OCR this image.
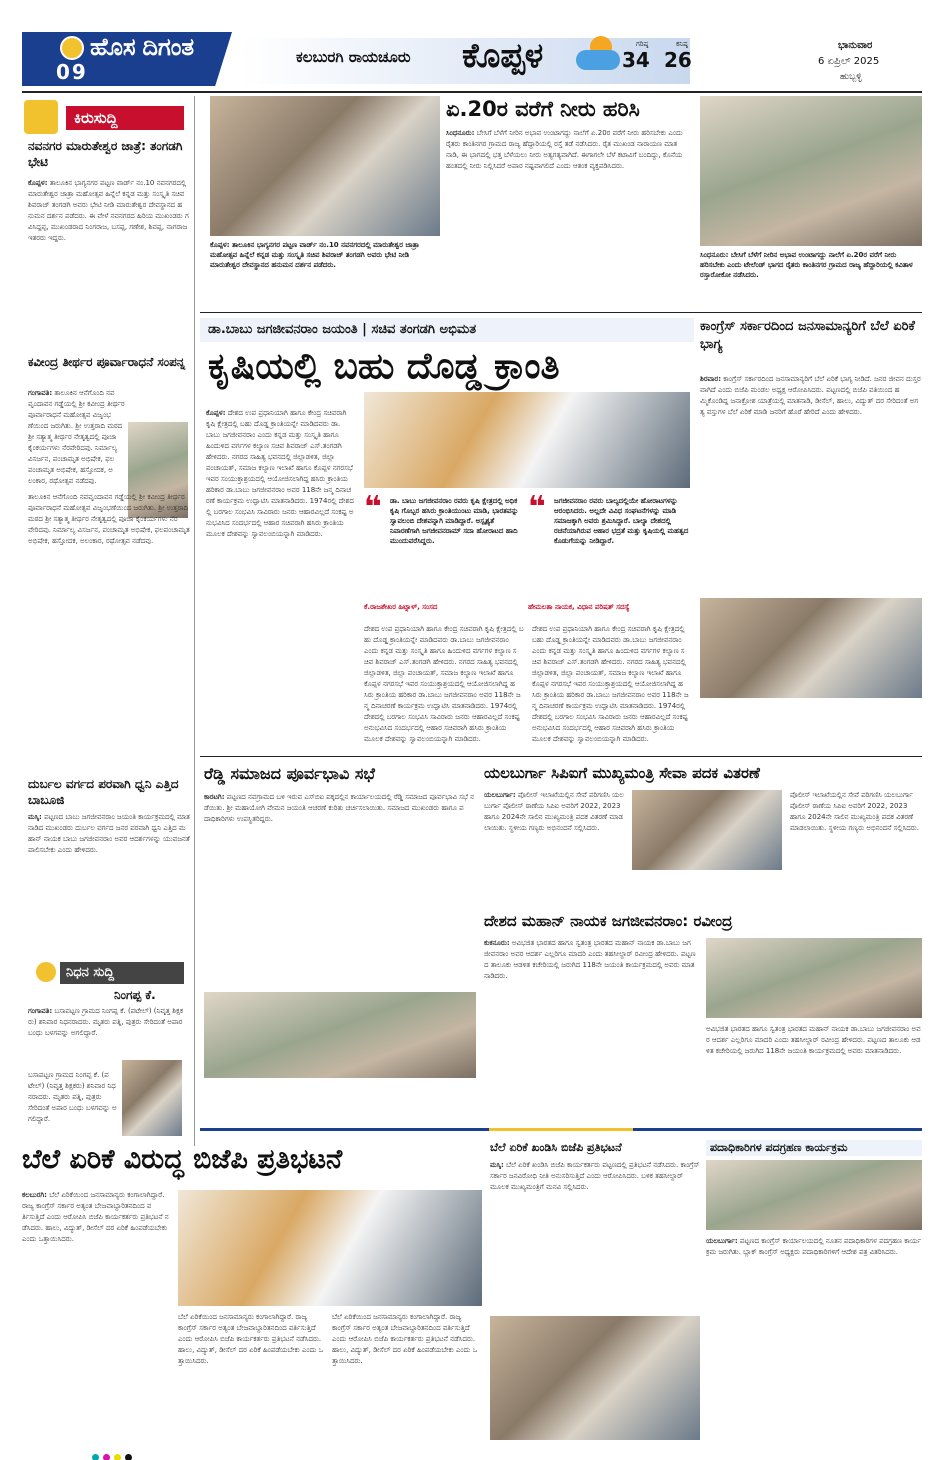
ಹೊಸ ದಿಗಂತ
09
ಕಲಬುರಗಿ ರಾಯಚೂರು ಕೊಪ್ಪಳ	ಗರಿಷ್ಠ
34
ಕನಿಷ್ಠ
26
ಭಾನುವಾರ
6 ಏಪ್ರಿಲ್ 2025
ಹುಬ್ಬಳ್ಳಿ
ಕಿರುಸುದ್ದಿ
ನವನಗರ ಮಾರುತೇಶ್ವರ ಜಾತ್ರೆ: ತಂಗಡಗಿ ಭೇಟಿ
ಕೊಪ್ಪಳ: ತಾಲೂಕಿನ ಭಾಗ್ಯನಗರ ಪಟ್ಟಣ ವಾರ್ಡ್ ನಂ.10 ನವನಗರದಲ್ಲಿ ಮಾರುತೇಶ್ವರ ಜಾತ್ರಾ ಮಹೋತ್ಸವ ಹಿನ್ನೆಲೆ ಕನ್ನಡ ಮತ್ತು ಸಂಸ್ಕೃತಿ ಸಚಿವ ಶಿವರಾಜ್ ತಂಗಡಗಿ ಅವರು ಭೇಟಿ ನೀಡಿ ಮಾರುತೇಶ್ವರ ದೇವಸ್ಥಾನದ ಹನುಮನ ದರ್ಶನ ಪಡೆದರು. ಈ ವೇಳೆ ನವನಗರದ ಹಿರಿಯ ಮುಖಂಡರು ಗವಿಸಿದ್ದಪ್ಪ, ಮುಖಂಡರಾದ ನಿಂಗರಾಜ, ಬಸಪ್ಪ, ಗಣೇಶ, ಶಿವಪ್ಪ, ನಾಗರಾಜ ಇತರರು ಇದ್ದರು.
ಕವೀಂದ್ರ ತೀರ್ಥರ ಪೂರ್ವಾರಾಧನೆ ಸಂಪನ್ನ
ಗಂಗಾವತಿ: ತಾಲೂಕಿನ ಆನೆಗೊಂದಿ ನವವೃಂದಾವನ ಗಡ್ಡೆಯಲ್ಲಿ ಶ್ರೀ ಕವೀಂದ್ರ ತೀರ್ಥರ ಪೂರ್ವಾರಾಧನೆ ಮಹೋತ್ಸವ ವಿಜೃಂಭಣೆಯಿಂದ ಜರುಗಿತು. ಶ್ರೀ ಉತ್ತರಾದಿ ಮಠದ ಶ್ರೀ ಸತ್ಯಾತ್ಮ ತೀರ್ಥರ ನೇತೃತ್ವದಲ್ಲಿ ಪೂಜಾ ಕೈಂಕರ್ಯಗಳು ನೆರವೇರಿದವು. ನಿರ್ಮಾಲ್ಯ ವಿಸರ್ಜನ, ಪಂಚಾಮೃತ ಅಭಿಷೇಕ, ಫಲಪಂಚಾಮೃತ ಅಭಿಷೇಕ, ಹಸ್ತೋದಕ, ಅಲಂಕಾರ, ರಥೋತ್ಸವ ನಡೆದವು.
ತಾಲೂಕಿನ ಆನೆಗೊಂದಿ ನವವೃಂದಾವನ ಗಡ್ಡೆಯಲ್ಲಿ ಶ್ರೀ ಕವೀಂದ್ರ ತೀರ್ಥರ ಪೂರ್ವಾರಾಧನೆ ಮಹೋತ್ಸವ ವಿಜೃಂಭಣೆಯಿಂದ ಜರುಗಿತು. ಶ್ರೀ ಉತ್ತರಾದಿ ಮಠದ ಶ್ರೀ ಸತ್ಯಾತ್ಮ ತೀರ್ಥರ ನೇತೃತ್ವದಲ್ಲಿ ಪೂಜಾ ಕೈಂಕರ್ಯಗಳು ನೆರವೇರಿದವು. ನಿರ್ಮಾಲ್ಯ ವಿಸರ್ಜನ, ಪಂಚಾಮೃತ ಅಭಿಷೇಕ, ಫಲಪಂಚಾಮೃತ ಅಭಿಷೇಕ, ಹಸ್ತೋದಕ, ಅಲಂಕಾರ, ರಥೋತ್ಸವ ನಡೆದವು.
ದುರ್ಬಲ ವರ್ಗದ ಪರವಾಗಿ ಧ್ವನಿ ಎತ್ತಿದ ಬಾಬೂಜಿ
ಮಸ್ಕಿ: ಪಟ್ಟಣದ ಬಾಬು ಜಗಜೀವನರಾಂ ಜಯಂತಿ ಕಾರ್ಯಕ್ರಮದಲ್ಲಿ ಮಾತನಾಡಿದ ಮುಖಂಡರು ದುರ್ಬಲ ವರ್ಗದ ಜನರ ಪರವಾಗಿ ಧ್ವನಿ ಎತ್ತಿದ ಮಹಾನ್ ನಾಯಕ ಬಾಬು ಜಗಜೀವನರಾಂ ಅವರ ಆದರ್ಶಗಳನ್ನು ಯುವಜನತೆ ಪಾಲಿಸಬೇಕು ಎಂದು ಹೇಳಿದರು.
ನಿಧನ ಸುದ್ದಿ
ನಿಂಗಪ್ಪ ಕೆ.
ಗಂಗಾವತಿ: ಬಸಾಪಟ್ಟಣ ಗ್ರಾಮದ ನಿಂಗಪ್ಪ ಕೆ. (ಪಟೇಲ್) (ನಿವೃತ್ತ ಶಿಕ್ಷಕರು) ಶನಿವಾರ ನಿಧನರಾದರು. ಮೃತರು ಪತ್ನಿ, ಪುತ್ರರು ಸೇರಿದಂತೆ ಅಪಾರ ಬಂಧು ಬಳಗವನ್ನು ಅಗಲಿದ್ದಾರೆ.
ಬಸಾಪಟ್ಟಣ ಗ್ರಾಮದ ನಿಂಗಪ್ಪ ಕೆ. (ಪಟೇಲ್) (ನಿವೃತ್ತ ಶಿಕ್ಷಕರು) ಶನಿವಾರ ನಿಧನರಾದರು. ಮೃತರು ಪತ್ನಿ, ಪುತ್ರರು ಸೇರಿದಂತೆ ಅಪಾರ ಬಂಧು ಬಳಗವನ್ನು ಅಗಲಿದ್ದಾರೆ.
ಕೊಪ್ಪಳ: ತಾಲೂಕಿನ ಭಾಗ್ಯನಗರ ಪಟ್ಟಣ ವಾರ್ಡ್ ನಂ.10 ನವನಗರದಲ್ಲಿ ಮಾರುತೇಶ್ವರ ಜಾತ್ರಾ ಮಹೋತ್ಸವ ಹಿನ್ನೆಲೆ ಕನ್ನಡ ಮತ್ತು ಸಂಸ್ಕೃತಿ ಸಚಿವ ಶಿವರಾಜ್ ತಂಗಡಗಿ ಅವರು ಭೇಟಿ ನೀಡಿ ಮಾರುತೇಶ್ವರ ದೇವಸ್ಥಾನದ ಹನುಮನ ದರ್ಶನ ಪಡೆದರು.
ಏ.20ರ ವರೆಗೆ ನೀರು ಹರಿಸಿ
ಸಿಂಧನೂರು: ಬೇಸಿಗೆ ಬೆಳೆಗೆ ನೀರಿನ ಅಭಾವ ಉಂಟಾಗದ್ದು ನಾಲೆಗೆ ಏ.20ರ ವರೆಗೆ ನೀರು ಹರಿಸಬೇಕು ಎಂದು ರೈತರು ಕಾಂತಿನಗರ ಗ್ರಾಮದ ರಾಜ್ಯ ಹೆದ್ದಾರಿಯಲ್ಲಿ ರಸ್ತೆ ತಡೆ ನಡೆಸಿದರು. ರೈತ ಮುಖಂಡ ನಾರಾಯಣ ಮಾತನಾಡಿ, ಈ ಭಾಗದಲ್ಲಿ ಭತ್ತ ಬೆಳೆಯಲು ನೀರು ಅತ್ಯಗತ್ಯವಾಗಿದೆ. ಈಗಾಗಲೇ ಬೆಳೆ ಕಟಾವಿಗೆ ಬಂದಿದ್ದು, ಕೊನೆಯ ಹಂತದಲ್ಲಿ ನೀರು ನಿಲ್ಲಿಸಿದರೆ ಅಪಾರ ನಷ್ಟವಾಗಲಿದೆ ಎಂದು ಆತಂಕ ವ್ಯಕ್ತಪಡಿಸಿದರು.
ಸಿಂಧನೂರು: ಬೇಸಿಗೆ ಬೆಳೆಗೆ ನೀರಿನ ಅಭಾವ ಉಂಟಾಗದ್ದು ನಾಲೆಗೆ ಏ.20ರ ವರೆಗೆ ನೀರು ಹರಿಸಬೇಕು ಎಂದು ಟೇಲೆಂಡ್ ಭಾಗದ ರೈತರು ಕಾಂತಿನಗರ ಗ್ರಾಮದ ರಾಜ್ಯ ಹೆದ್ದಾರಿಯಲ್ಲಿ ಕವಿತಾಳ ರಸ್ತಾರೋಕೋ ನಡೆಸಿದರು.
ಡಾ.ಬಾಬು ಜಗಜೀವನರಾಂ ಜಯಂತಿ | ಸಚಿವ ತಂಗಡಗಿ ಅಭಿಮತ
ಕೃಷಿಯಲ್ಲಿ ಬಹು ದೊಡ್ಡ ಕ್ರಾಂತಿ
ಕೊಪ್ಪಳ: ದೇಶದ ಉಪ ಪ್ರಧಾನಿಯಾಗಿ ಹಾಗೂ ಕೇಂದ್ರ ಸಚಿವರಾಗಿ ಕೃಷಿ ಕ್ಷೇತ್ರದಲ್ಲಿ ಬಹು ದೊಡ್ಡ ಕ್ರಾಂತಿಯನ್ನೇ ಮಾಡಿದವರು ಡಾ.ಬಾಬು ಜಗಜೀವನರಾಂ ಎಂದು ಕನ್ನಡ ಮತ್ತು ಸಂಸ್ಕೃತಿ ಹಾಗೂ ಹಿಂದುಳಿದ ವರ್ಗಗಳ ಕಲ್ಯಾಣ ಸಚಿವ ಶಿವರಾಜ್ ಎಸ್.ತಂಗಡಗಿ ಹೇಳಿದರು. ನಗರದ ಸಾಹಿತ್ಯ ಭವನದಲ್ಲಿ ಜಿಲ್ಲಾಡಳಿತ, ಜಿಲ್ಲಾ ಪಂಚಾಯತ್, ಸಮಾಜ ಕಲ್ಯಾಣ ಇಲಾಖೆ ಹಾಗೂ ಕೊಪ್ಪಳ ನಗರಸಭೆ ಇವರ ಸಂಯುಕ್ತಾಶ್ರಯದಲ್ಲಿ ಆಯೋಜಿಸಲಾಗಿದ್ದ ಹಸಿರು ಕ್ರಾಂತಿಯ ಹರಿಕಾರ ಡಾ.ಬಾಬು ಜಗಜೀವನರಾಂ ಅವರ 118ನೇ ಜನ್ಮ ದಿನಾಚರಣೆ ಕಾರ್ಯಕ್ರಮ ಉದ್ಘಾಟಿಸಿ ಮಾತನಾಡಿದರು. 1974ರಲ್ಲಿ ದೇಶದಲ್ಲಿ ಬರಗಾಲ ಸಂಭವಿಸಿ ಸಾವಿರಾರು ಜನರು ಆಹಾರವಿಲ್ಲದೆ ಸಂಕಷ್ಟ ಅನುಭವಿಸಿದ ಸಂದರ್ಭದಲ್ಲಿ ಆಹಾರ ಸಚಿವರಾಗಿ ಹಸಿರು ಕ್ರಾಂತಿಯ ಮೂಲಕ ದೇಶವನ್ನು ಸ್ವಾವಲಂಬಿಯನ್ನಾಗಿ ಮಾಡಿದರು.
❝ ಡಾ. ಬಾಬು ಜಗಜೀವನರಾಂ ರವರು ಕೃಷಿ ಕ್ಷೇತ್ರದಲ್ಲಿ ಅಧಿಕ ಕೃಷಿ ಗೊಬ್ಬರ ಹಸಿರು ಕ್ರಾಂತಿಯುಂಟು ಮಾಡಿ, ಭಾರತವನ್ನು ಸ್ವಾವಲಂಬಿ ದೇಶವನ್ನಾಗಿ ಮಾಡಿದ್ದಾರೆ. ಅಸ್ಪೃಶ್ಯತೆ ನಿವಾರಣೆಗಾಗಿ ಜಗಜೀವನರಾಮ್ ಸದಾ ಹೋರಾಟದ ಹಾದಿ ಮುಂದುವರೆಸಿದ್ದರು.
ಕೆ.ರಾಜಶೇಖರ ಹಿಟ್ನಾಳ್, ಸಂಸದ
❝ ಜಗಜೀವನರಾಂ ರವರು ಬಾಲ್ಯದಲ್ಲಿಯೇ ಹೋರಾಟಗಳನ್ನು ಆರಂಭಿಸಿದರು. ಅಲ್ಲದೇ ವಿವಿಧ ಸಂಘಟನೆಗಳನ್ನು ಮಾಡಿ ಸಮಾಜಕ್ಕಾಗಿ ಅವರು ಶ್ರಮಿಸಿದ್ದಾರೆ. ಬಾಲ್ಯಾ ದೇಶದಲ್ಲಿ ರಚನೆಯಾಗಿರುವ ಆಹಾರ ಭದ್ರತೆ ಮತ್ತು ಕೃಷಿಯಲ್ಲಿ ಮಹತ್ವದ ಕೊಡುಗೆಯನ್ನು ನೀಡಿದ್ದಾರೆ.
ಹೇಮಲತಾ ನಾಯಕ, ವಿಧಾನ ಪರಿಷತ್ ಸದಸ್ಯೆ
ದೇಶದ ಉಪ ಪ್ರಧಾನಿಯಾಗಿ ಹಾಗೂ ಕೇಂದ್ರ ಸಚಿವರಾಗಿ ಕೃಷಿ ಕ್ಷೇತ್ರದಲ್ಲಿ ಬಹು ದೊಡ್ಡ ಕ್ರಾಂತಿಯನ್ನೇ ಮಾಡಿದವರು ಡಾ.ಬಾಬು ಜಗಜೀವನರಾಂ ಎಂದು ಕನ್ನಡ ಮತ್ತು ಸಂಸ್ಕೃತಿ ಹಾಗೂ ಹಿಂದುಳಿದ ವರ್ಗಗಳ ಕಲ್ಯಾಣ ಸಚಿವ ಶಿವರಾಜ್ ಎಸ್.ತಂಗಡಗಿ ಹೇಳಿದರು. ನಗರದ ಸಾಹಿತ್ಯ ಭವನದಲ್ಲಿ ಜಿಲ್ಲಾಡಳಿತ, ಜಿಲ್ಲಾ ಪಂಚಾಯತ್, ಸಮಾಜ ಕಲ್ಯಾಣ ಇಲಾಖೆ ಹಾಗೂ ಕೊಪ್ಪಳ ನಗರಸಭೆ ಇವರ ಸಂಯುಕ್ತಾಶ್ರಯದಲ್ಲಿ ಆಯೋಜಿಸಲಾಗಿದ್ದ ಹಸಿರು ಕ್ರಾಂತಿಯ ಹರಿಕಾರ ಡಾ.ಬಾಬು ಜಗಜೀವನರಾಂ ಅವರ 118ನೇ ಜನ್ಮ ದಿನಾಚರಣೆ ಕಾರ್ಯಕ್ರಮ ಉದ್ಘಾಟಿಸಿ ಮಾತನಾಡಿದರು. 1974ರಲ್ಲಿ ದೇಶದಲ್ಲಿ ಬರಗಾಲ ಸಂಭವಿಸಿ ಸಾವಿರಾರು ಜನರು ಆಹಾರವಿಲ್ಲದೆ ಸಂಕಷ್ಟ ಅನುಭವಿಸಿದ ಸಂದರ್ಭದಲ್ಲಿ ಆಹಾರ ಸಚಿವರಾಗಿ ಹಸಿರು ಕ್ರಾಂತಿಯ ಮೂಲಕ ದೇಶವನ್ನು ಸ್ವಾವಲಂಬಿಯನ್ನಾಗಿ ಮಾಡಿದರು.
ದೇಶದ ಉಪ ಪ್ರಧಾನಿಯಾಗಿ ಹಾಗೂ ಕೇಂದ್ರ ಸಚಿವರಾಗಿ ಕೃಷಿ ಕ್ಷೇತ್ರದಲ್ಲಿ ಬಹು ದೊಡ್ಡ ಕ್ರಾಂತಿಯನ್ನೇ ಮಾಡಿದವರು ಡಾ.ಬಾಬು ಜಗಜೀವನರಾಂ ಎಂದು ಕನ್ನಡ ಮತ್ತು ಸಂಸ್ಕೃತಿ ಹಾಗೂ ಹಿಂದುಳಿದ ವರ್ಗಗಳ ಕಲ್ಯಾಣ ಸಚಿವ ಶಿವರಾಜ್ ಎಸ್.ತಂಗಡಗಿ ಹೇಳಿದರು. ನಗರದ ಸಾಹಿತ್ಯ ಭವನದಲ್ಲಿ ಜಿಲ್ಲಾಡಳಿತ, ಜಿಲ್ಲಾ ಪಂಚಾಯತ್, ಸಮಾಜ ಕಲ್ಯಾಣ ಇಲಾಖೆ ಹಾಗೂ ಕೊಪ್ಪಳ ನಗರಸಭೆ ಇವರ ಸಂಯುಕ್ತಾಶ್ರಯದಲ್ಲಿ ಆಯೋಜಿಸಲಾಗಿದ್ದ ಹಸಿರು ಕ್ರಾಂತಿಯ ಹರಿಕಾರ ಡಾ.ಬಾಬು ಜಗಜೀವನರಾಂ ಅವರ 118ನೇ ಜನ್ಮ ದಿನಾಚರಣೆ ಕಾರ್ಯಕ್ರಮ ಉದ್ಘಾಟಿಸಿ ಮಾತನಾಡಿದರು. 1974ರಲ್ಲಿ ದೇಶದಲ್ಲಿ ಬರಗಾಲ ಸಂಭವಿಸಿ ಸಾವಿರಾರು ಜನರು ಆಹಾರವಿಲ್ಲದೆ ಸಂಕಷ್ಟ ಅನುಭವಿಸಿದ ಸಂದರ್ಭದಲ್ಲಿ ಆಹಾರ ಸಚಿವರಾಗಿ ಹಸಿರು ಕ್ರಾಂತಿಯ ಮೂಲಕ ದೇಶವನ್ನು ಸ್ವಾವಲಂಬಿಯನ್ನಾಗಿ ಮಾಡಿದರು.
ಕಾಂಗ್ರೆಸ್ ಸರ್ಕಾರದಿಂದ ಜನಸಾಮಾನ್ಯರಿಗೆ ಬೆಲೆ ಏರಿಕೆ ಭಾಗ್ಯ
ಶಿರವಾರ: ಕಾಂಗ್ರೆಸ್ ಸರ್ಕಾರದಿಂದ ಜನಸಾಮಾನ್ಯರಿಗೆ ಬೆಲೆ ಏರಿಕೆ ಭಾಗ್ಯ ನೀಡಿದೆ. ಜನರ ಜೀವನ ದುಸ್ತರವಾಗಿದೆ ಎಂದು ಬಿಜೆಪಿ ಮಂಡಲ ಅಧ್ಯಕ್ಷ ಆರೋಪಿಸಿದರು. ಪಟ್ಟಣದಲ್ಲಿ ಬಿಜೆಪಿ ವತಿಯಿಂದ ಹಮ್ಮಿಕೊಂಡಿದ್ದ ಜನಾಕ್ರೋಶ ಯಾತ್ರೆಯಲ್ಲಿ ಮಾತನಾಡಿ, ಡೀಸೆಲ್, ಹಾಲು, ವಿದ್ಯುತ್ ದರ ಸೇರಿದಂತೆ ಅಗತ್ಯ ವಸ್ತುಗಳ ಬೆಲೆ ಏರಿಕೆ ಮಾಡಿ ಜನರಿಗೆ ಹೊರೆ ಹೇರಿದೆ ಎಂದು ಹೇಳಿದರು.
ರೆಡ್ಡಿ ಸಮಾಜದ ಪೂರ್ವಭಾವಿ ಸಭೆ
ಕಾರಟಗಿ: ಪಟ್ಟಣದ ನವಗ್ರಾಮದ ಬಳಿ ಇರುವ ಎಸ್‌ಬಿಐ ಪಕ್ಕದಲ್ಲಿನ ಕಾರ್ಯಾಲಯದಲ್ಲಿ ರೆಡ್ಡಿ ಸಮಾಜದ ಪೂರ್ವಭಾವಿ ಸಭೆ ನಡೆಯಿತು. ಶ್ರೀ ಮಹಾಯೋಗಿ ವೇಮನ ಜಯಂತಿ ಆಚರಣೆ ಕುರಿತು ಚರ್ಚಿಸಲಾಯಿತು. ಸಮಾಜದ ಮುಖಂಡರು ಹಾಗೂ ಪದಾಧಿಕಾರಿಗಳು ಉಪಸ್ಥಿತರಿದ್ದರು.
ಯಲಬುರ್ಗಾ ಸಿಪಿಐಗೆ ಮುಖ್ಯಮಂತ್ರಿ ಸೇವಾ ಪದಕ ವಿತರಣೆ
ಯಲಬುರ್ಗಾ: ಪೊಲೀಸ್ ಇಲಾಖೆಯಲ್ಲಿನ ಸೇವೆ ಪರಿಗಣಿಸಿ ಯಲಬುರ್ಗಾ ಪೊಲೀಸ್ ಠಾಣೆಯ ಸಿಪಿಐ ಅವರಿಗೆ 2022, 2023 ಹಾಗೂ 2024ನೇ ಸಾಲಿನ ಮುಖ್ಯಮಂತ್ರಿ ಪದಕ ವಿತರಣೆ ಮಾಡಲಾಯಿತು. ಸ್ಥಳೀಯ ಗಣ್ಯರು ಅಭಿನಂದನೆ ಸಲ್ಲಿಸಿದರು.
ಪೊಲೀಸ್ ಇಲಾಖೆಯಲ್ಲಿನ ಸೇವೆ ಪರಿಗಣಿಸಿ ಯಲಬುರ್ಗಾ ಪೊಲೀಸ್ ಠಾಣೆಯ ಸಿಪಿಐ ಅವರಿಗೆ 2022, 2023 ಹಾಗೂ 2024ನೇ ಸಾಲಿನ ಮುಖ್ಯಮಂತ್ರಿ ಪದಕ ವಿತರಣೆ ಮಾಡಲಾಯಿತು. ಸ್ಥಳೀಯ ಗಣ್ಯರು ಅಭಿನಂದನೆ ಸಲ್ಲಿಸಿದರು.
ದೇಶದ ಮಹಾನ್ ನಾಯಕ ಜಗಜೀವನರಾಂ: ರವೀಂದ್ರ
ಕುಕನೂರು: ಅವಿಭಜಿತ ಭಾರತದ ಹಾಗೂ ಸ್ವತಂತ್ರ ಭಾರತದ ಮಹಾನ್ ನಾಯಕ ಡಾ.ಬಾಬು ಜಗಜೀವನರಾಂ ಅವರ ಆದರ್ಶ ಎಲ್ಲರಿಗೂ ಮಾದರಿ ಎಂದು ತಹಸೀಲ್ದಾರ್ ರವೀಂದ್ರ ಹೇಳಿದರು. ಪಟ್ಟಣದ ತಾಲೂಕು ಆಡಳಿತ ಕಚೇರಿಯಲ್ಲಿ ಜರುಗಿದ 118ನೇ ಜಯಂತಿ ಕಾರ್ಯಕ್ರಮದಲ್ಲಿ ಅವರು ಮಾತನಾಡಿದರು.
ಅವಿಭಜಿತ ಭಾರತದ ಹಾಗೂ ಸ್ವತಂತ್ರ ಭಾರತದ ಮಹಾನ್ ನಾಯಕ ಡಾ.ಬಾಬು ಜಗಜೀವನರಾಂ ಅವರ ಆದರ್ಶ ಎಲ್ಲರಿಗೂ ಮಾದರಿ ಎಂದು ತಹಸೀಲ್ದಾರ್ ರವೀಂದ್ರ ಹೇಳಿದರು. ಪಟ್ಟಣದ ತಾಲೂಕು ಆಡಳಿತ ಕಚೇರಿಯಲ್ಲಿ ಜರುಗಿದ 118ನೇ ಜಯಂತಿ ಕಾರ್ಯಕ್ರಮದಲ್ಲಿ ಅವರು ಮಾತನಾಡಿದರು.
ಬೆಲೆ ಏರಿಕೆ ವಿರುದ್ಧ ಬಿಜೆಪಿ ಪ್ರತಿಭಟನೆ
ಕಲಬುರಗಿ: ಬೆಲೆ ಏರಿಕೆಯಿಂದ ಜನಸಾಮಾನ್ಯರು ಕಂಗಾಲಾಗಿದ್ದಾರೆ. ರಾಜ್ಯ ಕಾಂಗ್ರೆಸ್ ಸರ್ಕಾರ ಅತ್ಯಂತ ಬೇಜವಾಬ್ದಾರಿತನದಿಂದ ವರ್ತಿಸುತ್ತಿದೆ ಎಂದು ಆರೋಪಿಸಿ ಬಿಜೆಪಿ ಕಾರ್ಯಕರ್ತರು ಪ್ರತಿಭಟನೆ ನಡೆಸಿದರು. ಹಾಲು, ವಿದ್ಯುತ್, ಡೀಸೆಲ್ ದರ ಏರಿಕೆ ಹಿಂಪಡೆಯಬೇಕು ಎಂದು ಒತ್ತಾಯಿಸಿದರು.
ಬೆಲೆ ಏರಿಕೆಯಿಂದ ಜನಸಾಮಾನ್ಯರು ಕಂಗಾಲಾಗಿದ್ದಾರೆ. ರಾಜ್ಯ ಕಾಂಗ್ರೆಸ್ ಸರ್ಕಾರ ಅತ್ಯಂತ ಬೇಜವಾಬ್ದಾರಿತನದಿಂದ ವರ್ತಿಸುತ್ತಿದೆ ಎಂದು ಆರೋಪಿಸಿ ಬಿಜೆಪಿ ಕಾರ್ಯಕರ್ತರು ಪ್ರತಿಭಟನೆ ನಡೆಸಿದರು. ಹಾಲು, ವಿದ್ಯುತ್, ಡೀಸೆಲ್ ದರ ಏರಿಕೆ ಹಿಂಪಡೆಯಬೇಕು ಎಂದು ಒತ್ತಾಯಿಸಿದರು.
ಬೆಲೆ ಏರಿಕೆಯಿಂದ ಜನಸಾಮಾನ್ಯರು ಕಂಗಾಲಾಗಿದ್ದಾರೆ. ರಾಜ್ಯ ಕಾಂಗ್ರೆಸ್ ಸರ್ಕಾರ ಅತ್ಯಂತ ಬೇಜವಾಬ್ದಾರಿತನದಿಂದ ವರ್ತಿಸುತ್ತಿದೆ ಎಂದು ಆರೋಪಿಸಿ ಬಿಜೆಪಿ ಕಾರ್ಯಕರ್ತರು ಪ್ರತಿಭಟನೆ ನಡೆಸಿದರು. ಹಾಲು, ವಿದ್ಯುತ್, ಡೀಸೆಲ್ ದರ ಏರಿಕೆ ಹಿಂಪಡೆಯಬೇಕು ಎಂದು ಒತ್ತಾಯಿಸಿದರು.
ಬೆಲೆ ಏರಿಕೆ ಖಂಡಿಸಿ ಬಿಜೆಪಿ ಪ್ರತಿಭಟನೆ
ಮಸ್ಕಿ: ಬೆಲೆ ಏರಿಕೆ ಖಂಡಿಸಿ ಬಿಜೆಪಿ ಕಾರ್ಯಕರ್ತರು ಪಟ್ಟಣದಲ್ಲಿ ಪ್ರತಿಭಟನೆ ನಡೆಸಿದರು. ಕಾಂಗ್ರೆಸ್ ಸರ್ಕಾರ ಜನವಿರೋಧಿ ನೀತಿ ಅನುಸರಿಸುತ್ತಿದೆ ಎಂದು ಆರೋಪಿಸಿದರು. ಬಳಿಕ ತಹಸೀಲ್ದಾರ್ ಮೂಲಕ ಮುಖ್ಯಮಂತ್ರಿಗೆ ಮನವಿ ಸಲ್ಲಿಸಿದರು.
ಪದಾಧಿಕಾರಿಗಳ ಪದಗ್ರಹಣ ಕಾರ್ಯಕ್ರಮ
ಯಲಬುರ್ಗಾ: ಪಟ್ಟಣದ ಕಾಂಗ್ರೆಸ್ ಕಾರ್ಯಾಲಯದಲ್ಲಿ ನೂತನ ಪದಾಧಿಕಾರಿಗಳ ಪದಗ್ರಹಣ ಕಾರ್ಯಕ್ರಮ ಜರುಗಿತು. ಬ್ಲಾಕ್ ಕಾಂಗ್ರೆಸ್ ಅಧ್ಯಕ್ಷರು ಪದಾಧಿಕಾರಿಗಳಿಗೆ ಆದೇಶ ಪತ್ರ ವಿತರಿಸಿದರು.
